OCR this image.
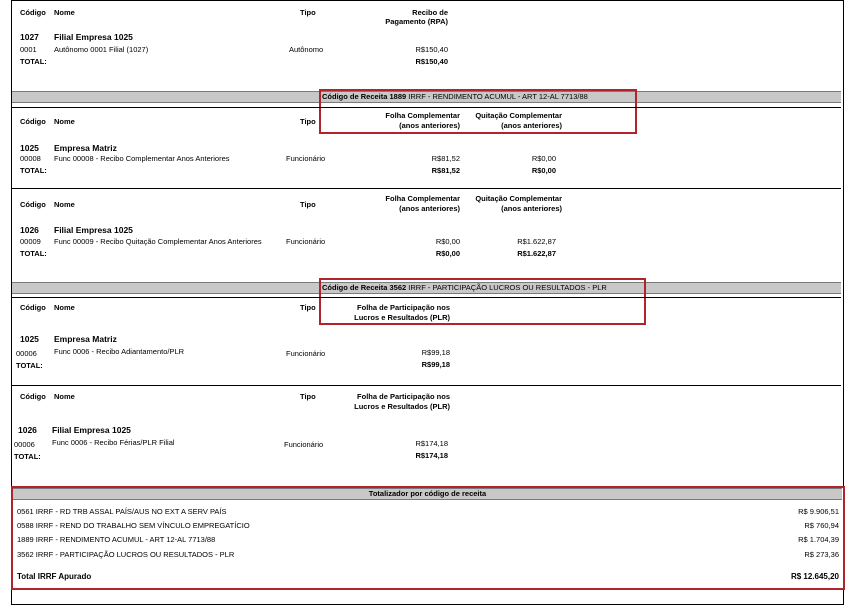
Código Nome	Tipo	Recibo de
Pagamento (RPA)
1027 Filial Empresa 1025
0001 Autônomo 0001 Filial (1027)	Autônomo	R$150,40
TOTAL:	R$150,40
Código de Receita 1889 IRRF - RENDIMENTO ACUMUL - ART 12-AL 7713/88
Código Nome	Tipo
Folha Complementar
(anos anteriores)
Quitação Complementar
(anos anteriores)
1025 Empresa Matriz
00008 Func 00008 - Recibo Complementar Anos Anteriores	Funcionário	R$81,52	R$0,00
TOTAL:	R$81,52	R$0,00
Código Nome	Tipo
Folha Complementar
(anos anteriores)
Quitação Complementar
(anos anteriores)
1026 Filial Empresa 1025
00009 Func 00009 - Recibo Quitação Complementar Anos Anteriores	Funcionário	R$0,00	R$1.622,87
TOTAL:	R$0,00	R$1.622,87
Código de Receita 3562 IRRF - PARTICIPAÇÃO LUCROS OU RESULTADOS - PLR
Código Nome	Tipo	Folha de Participação nos
Lucros e Resultados (PLR)
1025 Empresa Matriz
00006 Func 0006 - Recibo Adiantamento/PLR	Funcionário	R$99,18
TOTAL:	R$99,18
Código Nome	Tipo	Folha de Participação nos
Lucros e Resultados (PLR)
1026 Filial Empresa 1025
00006 Func 0006 - Recibo Férias/PLR Filial	Funcionário	R$174,18
TOTAL:	R$174,18
Totalizador por código de receita
0561 IRRF - RD TRB ASSAL PAÍS/AUS NO EXT A SERV PAÍS	R$ 9.906,51
0588 IRRF - REND DO TRABALHO SEM VÍNCULO EMPREGATÍCIO	R$ 760,94
1889 IRRF - RENDIMENTO ACUMUL - ART 12-AL 7713/88	R$ 1.704,39
3562 IRRF - PARTICIPAÇÃO LUCROS OU RESULTADOS - PLR	R$ 273,36
Total IRRF Apurado	R$ 12.645,20
